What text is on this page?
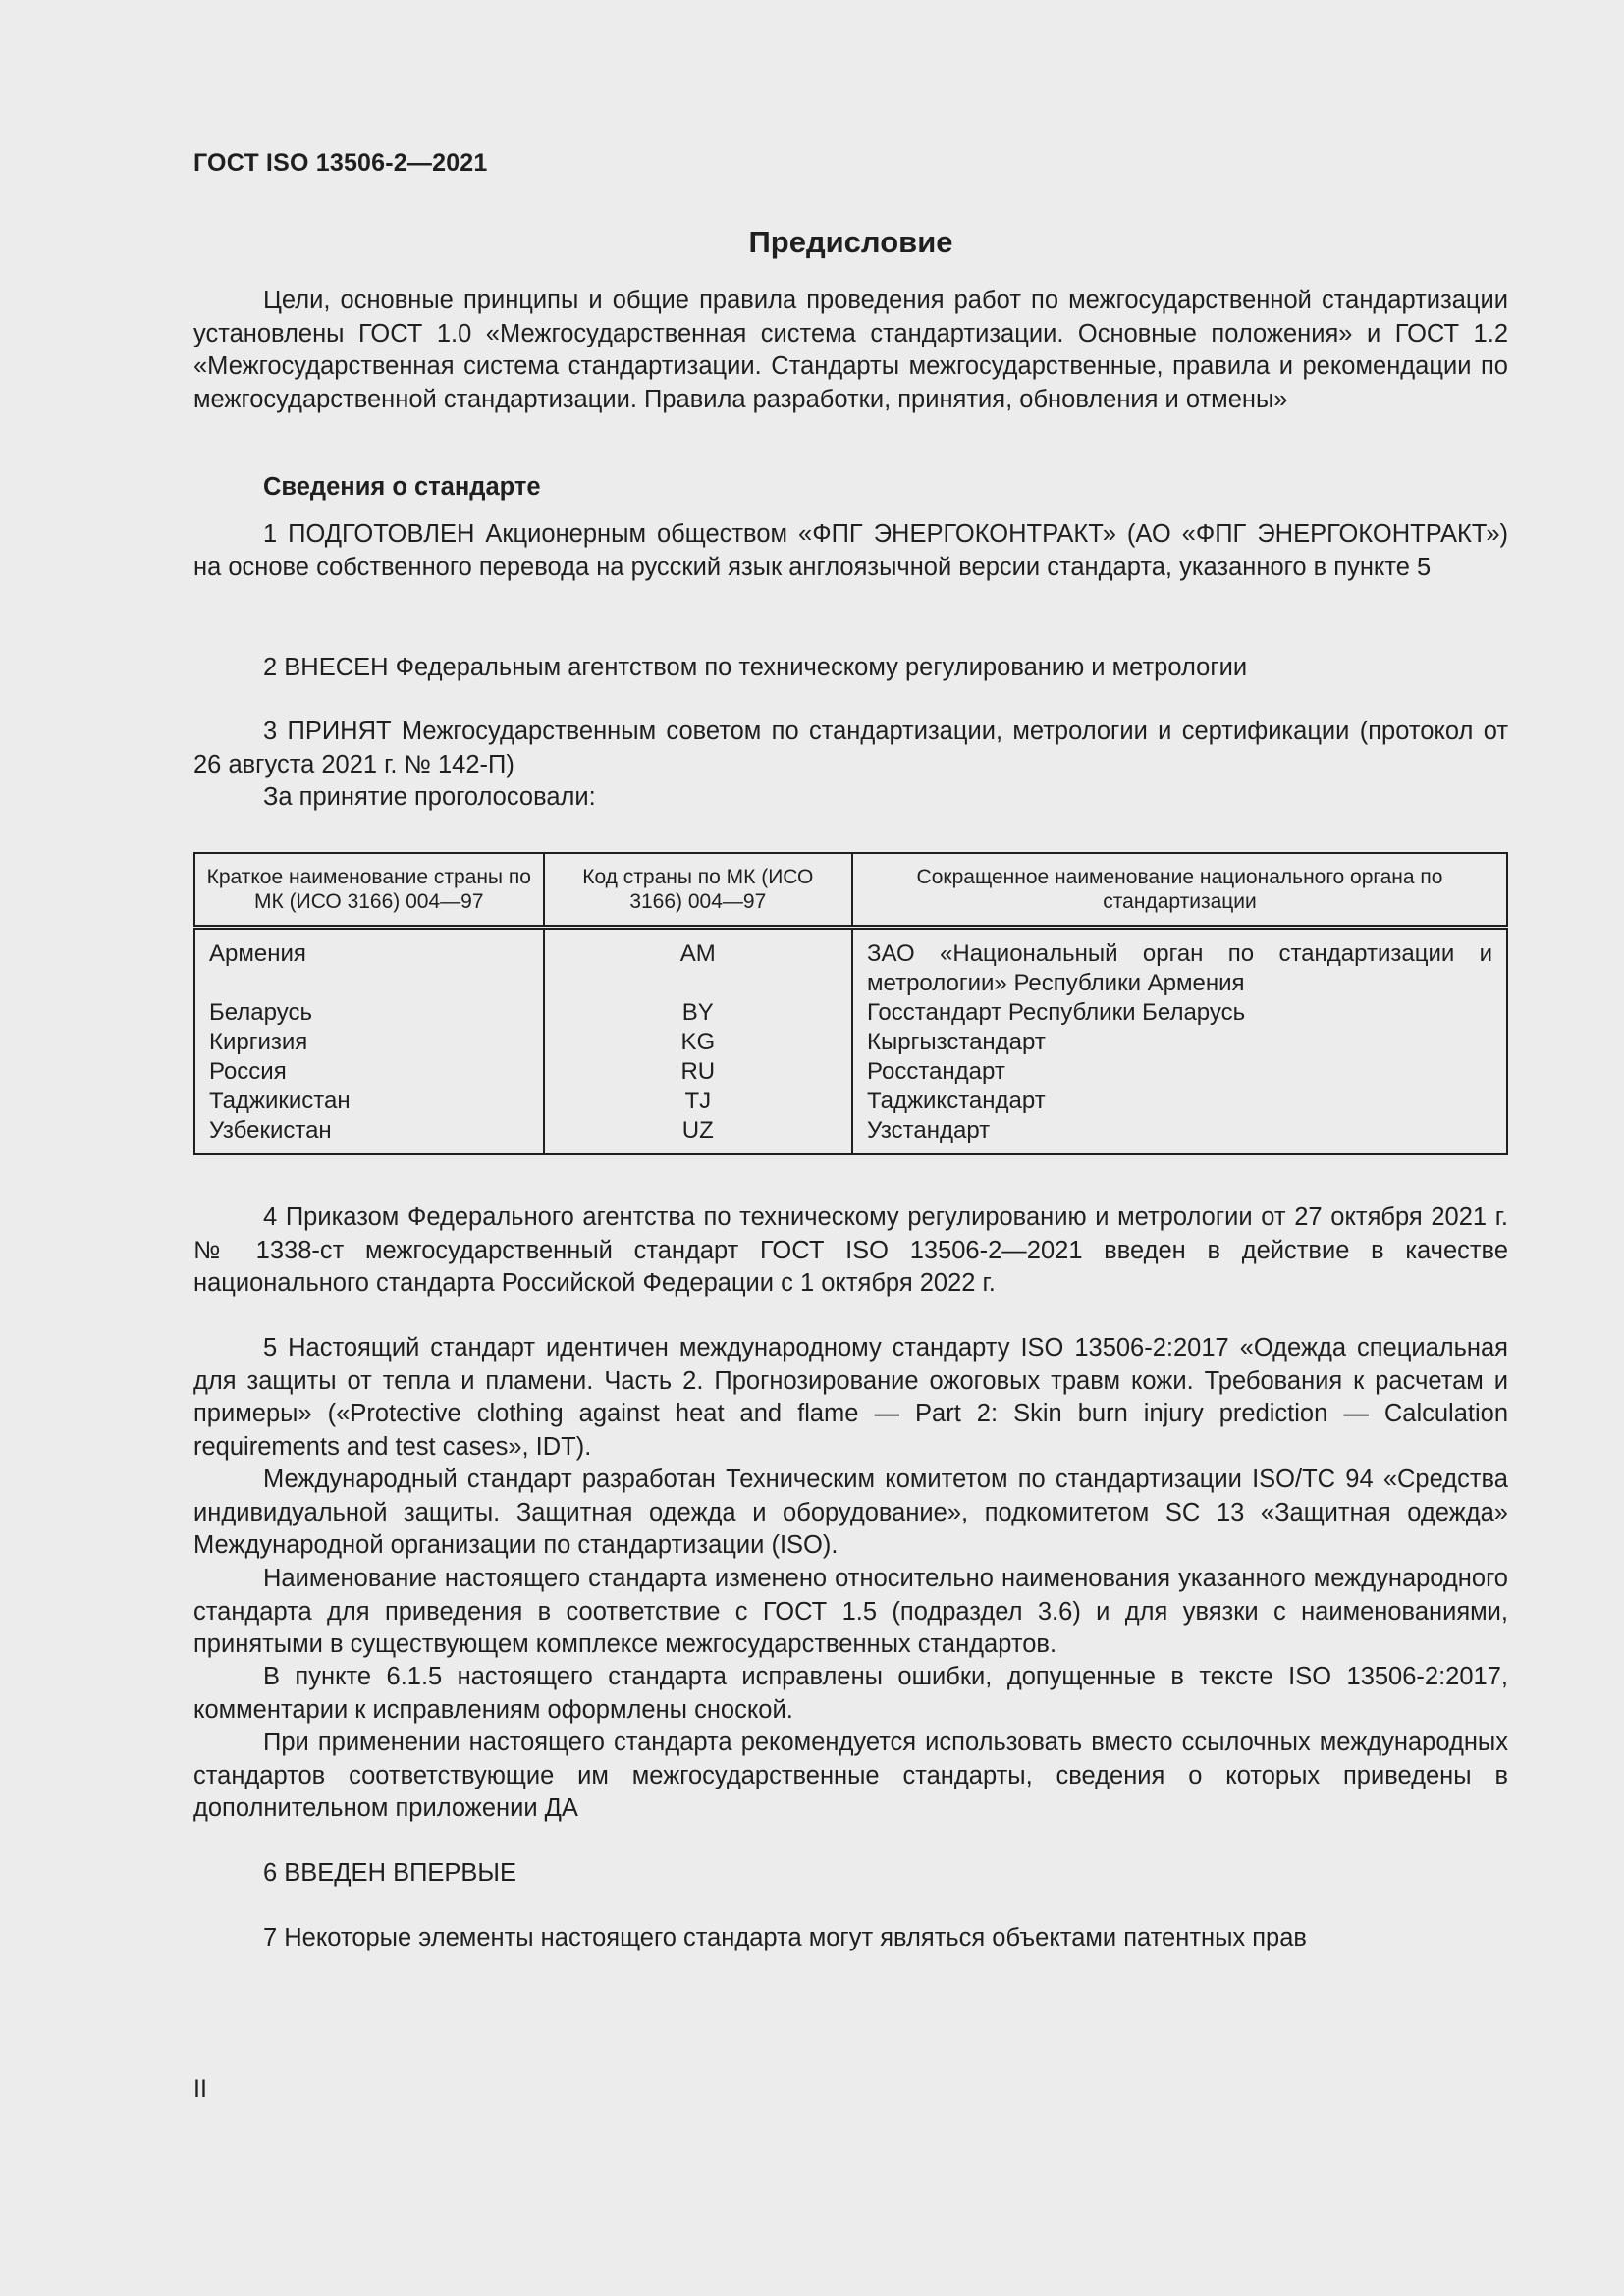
ГОСТ ISO 13506-2—2021
Предисловие

Цели, основные принципы и общие правила проведения работ по межгосударственной стандартизации установлены ГОСТ 1.0 «Межгосударственная система стандартизации. Основные положения» и ГОСТ 1.2 «Межгосударственная система стандартизации. Стандарты межгосударственные, правила и рекомендации по межгосударственной стандартизации. Правила разработки, принятия, обновления и отмены»

Сведения о стандарте

1 ПОДГОТОВЛЕН Акционерным обществом «ФПГ ЭНЕРГОКОНТРАКТ» (АО «ФПГ ЭНЕРГОКОНТРАКТ») на основе собственного перевода на русский язык англоязычной версии стандарта, указанного в пункте 5

2 ВНЕСЕН Федеральным агентством по техническому регулированию и метрологии

3 ПРИНЯТ Межгосударственным советом по стандартизации, метрологии и сертификации (протокол от 26 августа 2021 г. № 142-П)

За принятие проголосовали:

Краткое наименование страны по МК (ИСО 3166) 004—97	Код страны по МК (ИСО 3166) 004—97	Сокращенное наименование национального органа по стандартизации
Армения	AM	ЗАО «Национальный орган по стандартизации и метрологии» Республики Армения
Беларусь	BY	Госстандарт Республики Беларусь
Киргизия	KG	Кыргызстандарт
Россия	RU	Росстандарт
Таджикистан	TJ	Таджикстандарт
Узбекистан	UZ	Узстандарт

4 Приказом Федерального агентства по техническому регулированию и метрологии от 27 октября 2021 г. № 1338-ст межгосударственный стандарт ГОСТ ISO 13506-2—2021 введен в действие в качестве национального стандарта Российской Федерации с 1 октября 2022 г.

5 Настоящий стандарт идентичен международному стандарту ISO 13506-2:2017 «Одежда специальная для защиты от тепла и пламени. Часть 2. Прогнозирование ожоговых травм кожи. Требования к расчетам и примеры» («Protective clothing against heat and flame — Part 2: Skin burn injury prediction — Calculation requirements and test cases», IDT).

Международный стандарт разработан Техническим комитетом по стандартизации ISO/TC 94 «Средства индивидуальной защиты. Защитная одежда и оборудование», подкомитетом SC 13 «Защитная одежда» Международной организации по стандартизации (ISO).

Наименование настоящего стандарта изменено относительно наименования указанного международного стандарта для приведения в соответствие с ГОСТ 1.5 (подраздел 3.6) и для увязки с наименованиями, принятыми в существующем комплексе межгосударственных стандартов.

В пункте 6.1.5 настоящего стандарта исправлены ошибки, допущенные в тексте ISO 13506-2:2017, комментарии к исправлениям оформлены сноской.

При применении настоящего стандарта рекомендуется использовать вместо ссылочных международных стандартов соответствующие им межгосударственные стандарты, сведения о которых приведены в дополнительном приложении ДА

6 ВВЕДЕН ВПЕРВЫЕ

7 Некоторые элементы настоящего стандарта могут являться объектами патентных прав

II
